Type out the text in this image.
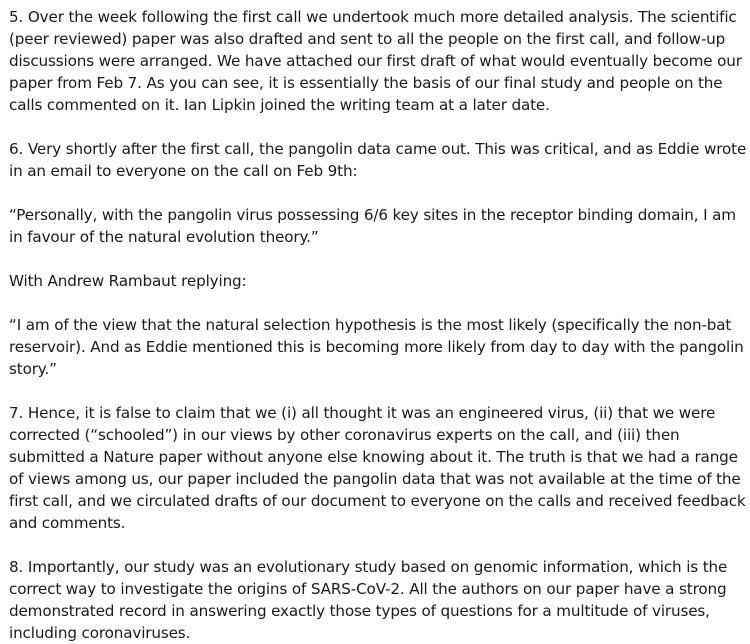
5. Over the week following the first call we undertook much more detailed analysis. The scientific (peer reviewed) paper was also drafted and sent to all the people on the first call, and follow-up discussions were arranged. We have attached our first draft of what would eventually become our paper from Feb 7. As you can see, it is essentially the basis of our final study and people on the calls commented on it. Ian Lipkin joined the writing team at a later date.

6. Very shortly after the first call, the pangolin data came out. This was critical, and as Eddie wrote in an email to everyone on the call on Feb 9th:

“Personally, with the pangolin virus possessing 6/6 key sites in the receptor binding domain, I am in favour of the natural evolution theory.”

With Andrew Rambaut replying:

“I am of the view that the natural selection hypothesis is the most likely (specifically the non-bat reservoir). And as Eddie mentioned this is becoming more likely from day to day with the pangolin story.”

7. Hence, it is false to claim that we (i) all thought it was an engineered virus, (ii) that we were corrected (“schooled”) in our views by other coronavirus experts on the call, and (iii) then submitted a Nature paper without anyone else knowing about it. The truth is that we had a range of views among us, our paper included the pangolin data that was not available at the time of the first call, and we circulated drafts of our document to everyone on the calls and received feedback and comments.

8. Importantly, our study was an evolutionary study based on genomic information, which is the correct way to investigate the origins of SARS-CoV-2. All the authors on our paper have a strong demonstrated record in answering exactly those types of questions for a multitude of viruses, including coronaviruses.
